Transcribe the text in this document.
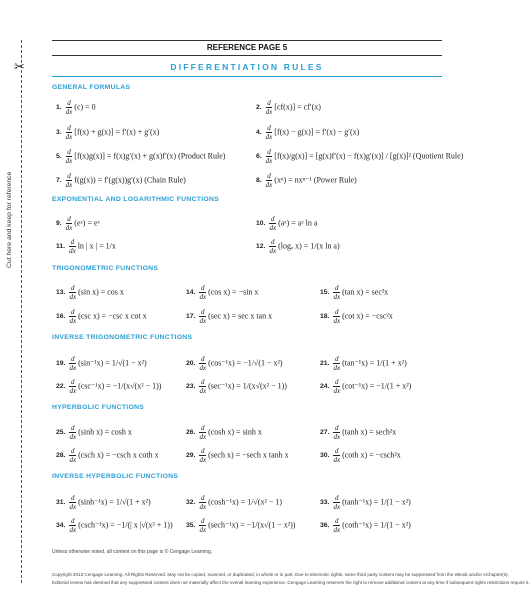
✂
Cut here and keep for reference
REFERENCE PAGE 5
DIFFERENTIATION RULES
GENERAL FORMULAS
EXPONENTIAL AND LOGARITHMIC FUNCTIONS
TRIGONOMETRIC FUNCTIONS
INVERSE TRIGONOMETRIC FUNCTIONS
HYPERBOLIC FUNCTIONS
INVERSE HYPERBOLIC FUNCTIONS
1. $\frac{d}{dx} (c) = 0$	2. $\frac{d}{dx} [cf(x)] = cf'(x)$
3. $\frac{d}{dx} [f(x) + g(x)] = f'(x) + g'(x)$	4. $\frac{d}{dx} [f(x) - g(x)] = f'(x) - g'(x)$
5. $\frac{d}{dx} [f(x)g(x)] = f(x)g'(x) + g(x)f'(x)$ (Product Rule)	6. $\frac{d}{dx} [f(x)/g(x)] = [g(x)f'(x) - f(x)g'(x)] / [g(x)]^2$ (Quotient Rule)
7. $\frac{d}{dx} f(g(x)) = f'(g(x))g'(x)$ (Chain Rule)	8. $\frac{d}{dx} (x^n) = nx^{n-1}$ (Power Rule)
9. $\frac{d}{dx}$ (eˣ) = eˣ	10. $\frac{d}{dx}$ (aˣ) = aˣ ln a
11. $\frac{d}{dx}$ ln | x | = 1/x	12. $\frac{d}{dx} (\log_a$ x) = 1/(x ln a)
13. $\frac{d}{dx} (\sin$ x) = cos x	14. $\frac{d}{dx} (\cos$ x) = −sin x	15. $\frac{d}{dx} (\tan$ x) = sec²x
16. $\frac{d}{dx} (\csc$ x) = −csc x cot x	17. $\frac{d}{dx} (\sec$ x) = sec x tan x	18. $\frac{d}{dx} (\cot$ x) = −csc²x
19. $\frac{d}{dx} (\sin^{-1}x) = 1/√(1 - x^2)$	20. $\frac{d}{dx} (\cos^{-1}x) = -1/√(1 - x^2)$	21. $\frac{d}{dx} (\tan^{-1}x) = 1/(1 + x^2)$
22. $\frac{d}{dx} (\csc^{-1}x) = -1/(x√(x^2 - 1))$	23. $\frac{d}{dx} (\sec^{-1}x) = 1/(x√(x^2 - 1))$	24. $\frac{d}{dx} (\cot^{-1}x) = -1/(1 + x^2)$
25. $\frac{d}{dx} (\sinh$ x) = cosh x	26. $\frac{d}{dx} (\cosh$ x) = sinh x	27. $\frac{d}{dx} (\tanh$ x) = sech²x
28. $\frac{d}{dx} (\csc h$ x) = −csch x coth x	29. $\frac{d}{dx} (\sec h$ x) = −sech x tanh x	30. $\frac{d}{dx} (\cot h$ x) = −csch²x
31. $\frac{d}{dx} (\sinh^{-1}x) = 1/√(1 + x^2)$	32. $\frac{d}{dx} (\cosh^{-1}x) = 1/√(x^2 - 1)$	33. $\frac{d}{dx} (\tanh^{-1}x) = 1/(1 - x^2)$
34. $\frac{d}{dx} (\csc h^{-1}x) = -1/(|$ x |√(x² + 1)) 35. $\frac{d}{dx} (\sec h^{-1}x) = -1/(x√(1 - x^2))$	36. $\frac{d}{dx} (\cot h^{-1}x) = 1/(1 - x^2)$
Unless otherwise noted, all content on this page is © Cengage Learning.
Copyright 2013 Cengage Learning. All Rights Reserved. May not be copied, scanned, or duplicated, in whole or in part. Due to electronic rights, some third party content may be suppressed from the eBook and/or eChapter(s).
Editorial review has deemed that any suppressed content does not materially affect the overall learning experience. Cengage Learning reserves the right to remove additional content at any time if subsequent rights restrictions require it.
